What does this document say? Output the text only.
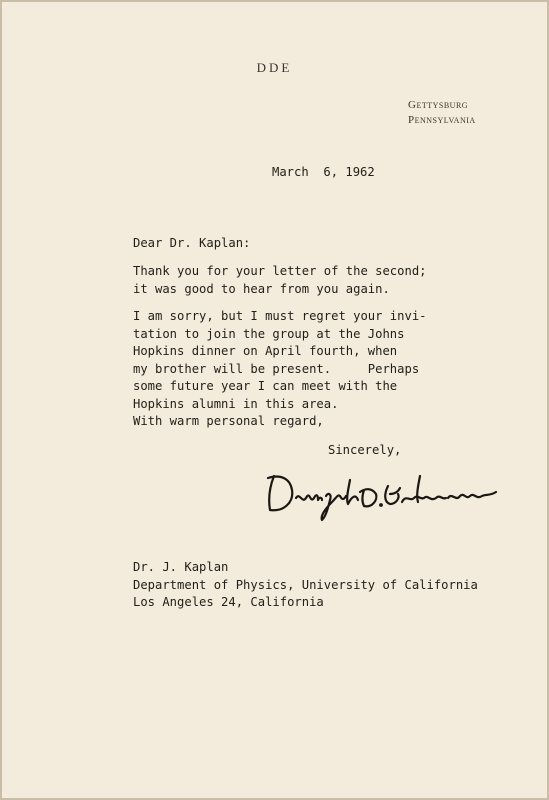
DDE
Gettysburg
Pennsylvania
March  6, 1962
Dear Dr. Kaplan:
Thank you for your letter of the second;
it was good to hear from you again.
I am sorry, but I must regret your invi-
tation to join the group at the Johns
Hopkins dinner on April fourth, when
my brother will be present.     Perhaps
some future year I can meet with the
Hopkins alumni in this area.
With warm personal regard,
Sincerely,
Dr. J. Kaplan
Department of Physics, University of California
Los Angeles 24, California
